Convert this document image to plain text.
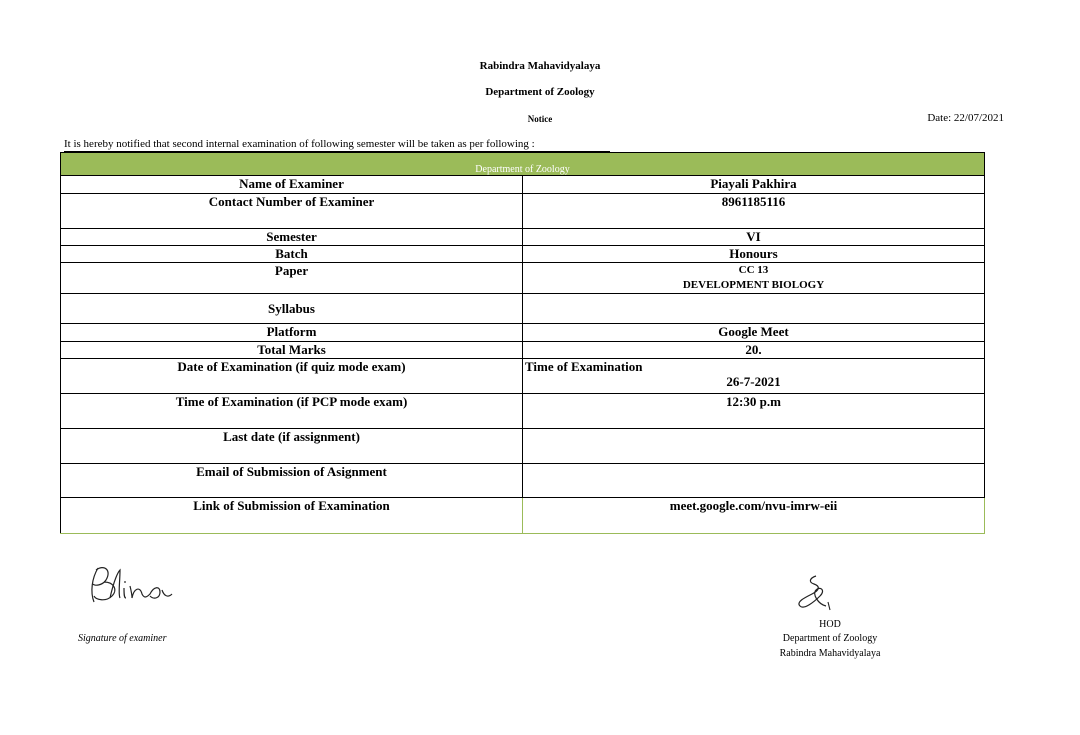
Rabindra Mahavidyalaya
Department of Zoology
Notice	Date: 22/07/2021
It is hereby notified that second internal examination of following semester will be taken as per following :
Department of Zoology	
Name of Examiner	Piayali Pakhira
Contact Number of Examiner	8961185116
Semester	VI
Batch	Honours
Paper	CC 13
DEVELOPMENT BIOLOGY

Syllabus	
Platform	Google Meet
Total Marks	20.
Date of Examination (if quiz mode exam)	Time of Examination
26-7-2021

Time of Examination (if PCP mode exam)	12:30 p.m
Last date (if assignment)	
Email of Submission of Asignment	
Link of Submission of Examination	meet.google.com/nvu-imrw-eii
Signature of examiner
HOD
Department of Zoology
Rabindra Mahavidyalaya
